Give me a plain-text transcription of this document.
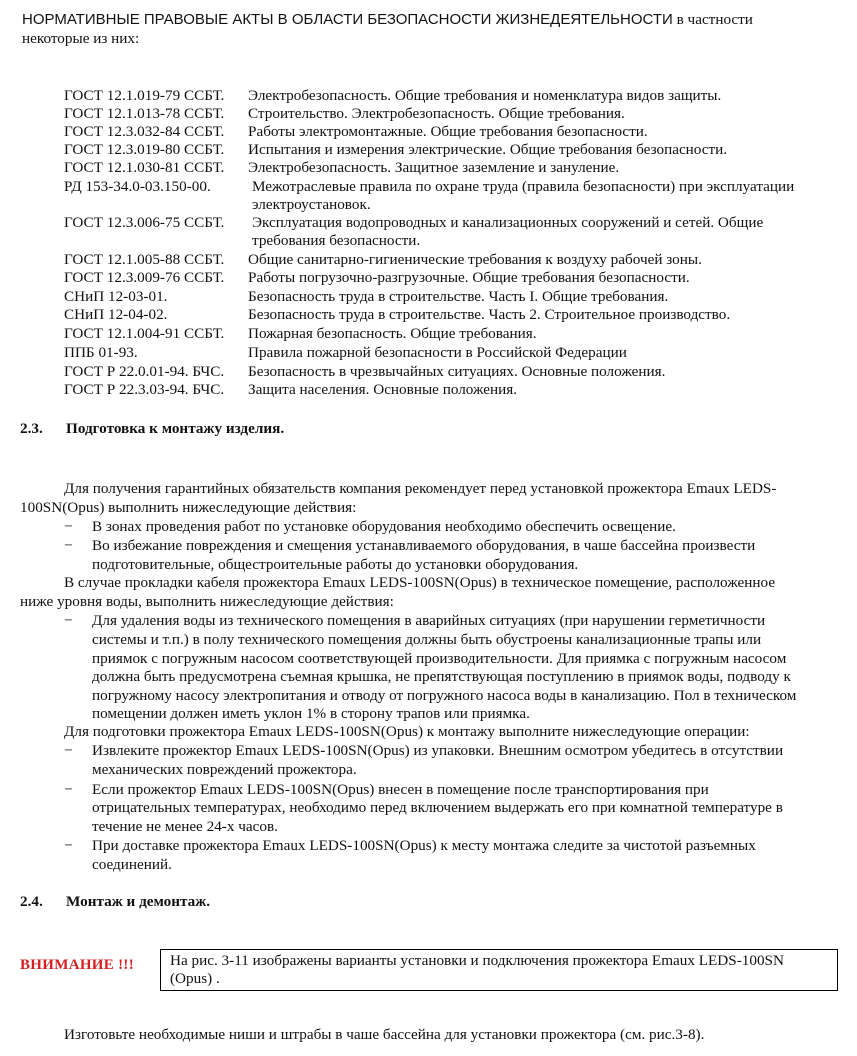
НОРМАТИВНЫЕ ПРАВОВЫЕ АКТЫ В ОБЛАСТИ БЕЗОПАСНОСТИ ЖИЗНЕДЕЯТЕЛЬНОСТИ в частности
некоторые из них:
ГОСТ 12.1.019-79 ССБТ. Электробезопасность. Общие требования и номенклатура видов защиты.
ГОСТ 12.1.013-78 ССБТ. Строительство. Электробезопасность. Общие требования.
ГОСТ 12.3.032-84 ССБТ. Работы электромонтажные. Общие требования безопасности.
ГОСТ 12.3.019-80 ССБТ. Испытания и измерения электрические. Общие требования безопасности.
ГОСТ 12.1.030-81 ССБТ. Электробезопасность. Защитное заземление и зануление.
РД 153-34.0-03.150-00.	Межотраслевые правила по охране труда (правила безопасности) при эксплуатации
электроустановок.
ГОСТ 12.3.006-75 ССБТ. Эксплуатация водопроводных и канализационных сооружений и сетей. Общие
требования безопасности.
ГОСТ 12.1.005-88 ССБТ. Общие санитарно-гигиенические требования к воздуху рабочей зоны.
ГОСТ 12.3.009-76 ССБТ. Работы погрузочно-разгрузочные. Общие требования безопасности.
СНиП 12-03-01.	Безопасность труда в строительстве. Часть I. Общие требования.
СНиП 12-04-02.	Безопасность труда в строительстве. Часть 2. Строительное производство.
ГОСТ 12.1.004-91 ССБТ. Пожарная безопасность. Общие требования.
ППБ 01-93.	Правила пожарной безопасности в Российской Федерации
ГОСТ Р 22.0.01-94. БЧС. Безопасность в чрезвычайных ситуациях. Основные положения.
ГОСТ Р 22.3.03-94. БЧС. Защита населения. Основные положения.
2.3. Подготовка к монтажу изделия.
Для получения гарантийных обязательств компания рекомендует перед установкой прожектора Emaux LEDS-
100SN(Opus) выполнить нижеследующие действия:
− В зонах проведения работ по установке оборудования необходимо обеспечить освещение.
− Во избежание повреждения и смещения устанавливаемого оборудования, в чаше бассейна произвести
подготовительные, общестроительные работы до установки оборудования.
В случае прокладки кабеля прожектора Emaux LEDS-100SN(Opus) в техническое помещение, расположенное
ниже уровня воды, выполнить нижеследующие действия:
− Для удаления воды из технического помещения в аварийных ситуациях (при нарушении герметичности
системы и т.п.) в полу технического помещения должны быть обустроены канализационные трапы или
приямок с погружным насосом соответствующей производительности. Для приямка с погружным насосом
должна быть предусмотрена съемная крышка, не препятствующая поступлению в приямок воды, подводу к
погружному насосу электропитания и отводу от погружного насоса воды в канализацию. Пол в техническом
помещении должен иметь уклон 1% в сторону трапов или приямка.
Для подготовки прожектора Emaux LEDS-100SN(Opus) к монтажу выполните нижеследующие операции:
− Извлеките прожектор Emaux LEDS-100SN(Opus) из упаковки. Внешним осмотром убедитесь в отсутствии
механических повреждений прожектора.
− Если прожектор Emaux LEDS-100SN(Opus) внесен в помещение после транспортирования при
отрицательных температурах, необходимо перед включением выдержать его при комнатной температуре в
течение не менее 24-х часов.
− При доставке прожектора Emaux LEDS-100SN(Opus) к месту монтажа следите за чистотой разъемных
соединений.
2.4. Монтаж и демонтаж.
ВНИМАНИЕ !!! На рис. 3-11 изображены варианты установки и подключения прожектора Emaux LEDS-100SN
(Opus) .
Изготовьте необходимые ниши и штрабы в чаше бассейна для установки прожектора (см. рис.3-8).
